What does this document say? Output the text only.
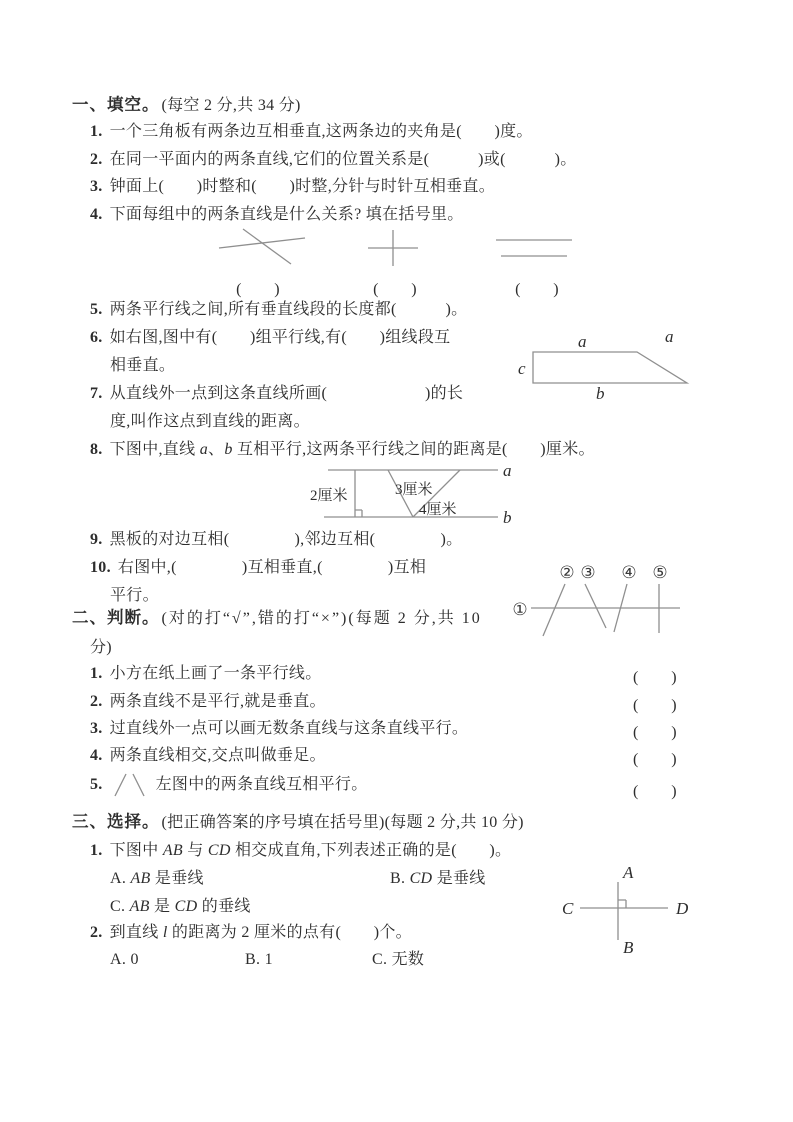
一、填空。 (每空 2 分,共 34 分)
1. 一个三角板有两条边互相垂直,这两条边的夹角是(　　)度。
2. 在同一平面内的两条直线,它们的位置关系是(　　　)或(　　　)。
3. 钟面上(　　)时整和(　　)时整,分针与时针互相垂直。
4. 下面每组中的两条直线是什么关系? 填在括号里。
(　　)	(　　)	(　　)
5. 两条平行线之间,所有垂直线段的长度都(　　　)。
6. 如右图,图中有(　　)组平行线,有(　　)组线段互
相垂直。
a	a
c
b
7. 从直线外一点到这条直线所画(　　　　　　)的长
度,叫作这点到直线的距离。
8. 下图中,直线 a、b 互相平行,这两条平行线之间的距离是(　　)厘米。
2厘米	3厘米
4厘米
a
b
9. 黑板的对边互相(　　　　),邻边互相(　　　　)。
10. 右图中,(　　　　)互相垂直,(　　　　)互相
平行。
①
② ③ ④ ⑤
二、判断。 (对的打“√”,错的打“×”)(每题 2 分,共 10
分)
1. 小方在纸上画了一条平行线。	(　　)
2. 两条直线不是平行,就是垂直。	(　　)
3. 过直线外一点可以画无数条直线与这条直线平行。	(　　)
4. 两条直线相交,交点叫做垂足。	(　　)
5.	左图中的两条直线互相平行。	(　　)
三、选择。 (把正确答案的序号填在括号里)(每题 2 分,共 10 分)
1. 下图中 AB 与 CD 相交成直角,下列表述正确的是(　　)。
A. AB 是垂线	B. CD 是垂线
C. AB 是 CD 的垂线
A
B
C	D
2. 到直线 l 的距离为 2 厘米的点有(　　)个。
A. 0	B. 1	C. 无数
